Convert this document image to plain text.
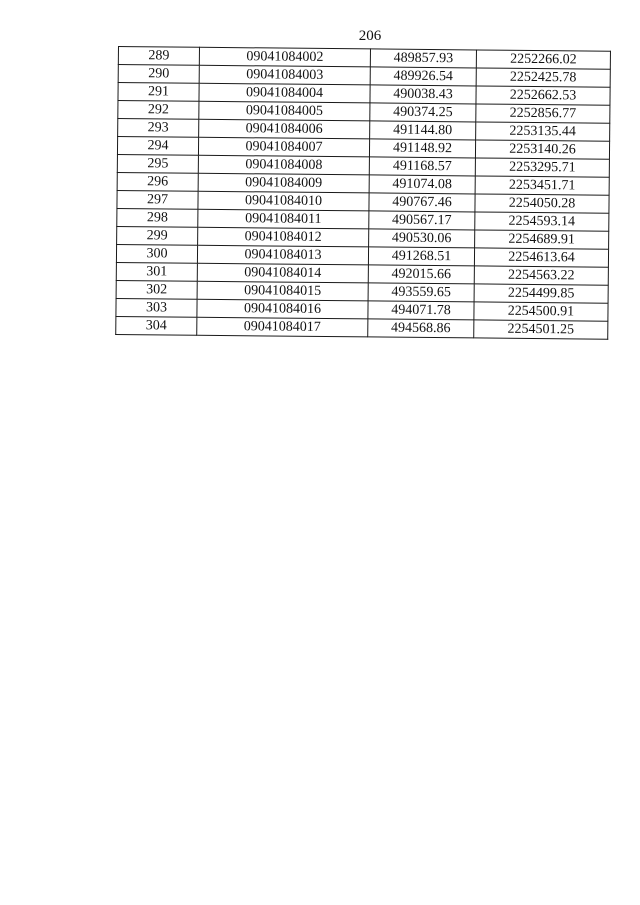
206
289	09041084002	489857.93	2252266.02
290	09041084003	489926.54	2252425.78
291	09041084004	490038.43	2252662.53
292	09041084005	490374.25	2252856.77
293	09041084006	491144.80	2253135.44
294	09041084007	491148.92	2253140.26
295	09041084008	491168.57	2253295.71
296	09041084009	491074.08	2253451.71
297	09041084010	490767.46	2254050.28
298	09041084011	490567.17	2254593.14
299	09041084012	490530.06	2254689.91
300	09041084013	491268.51	2254613.64
301	09041084014	492015.66	2254563.22
302	09041084015	493559.65	2254499.85
303	09041084016	494071.78	2254500.91
304	09041084017	494568.86	2254501.25
